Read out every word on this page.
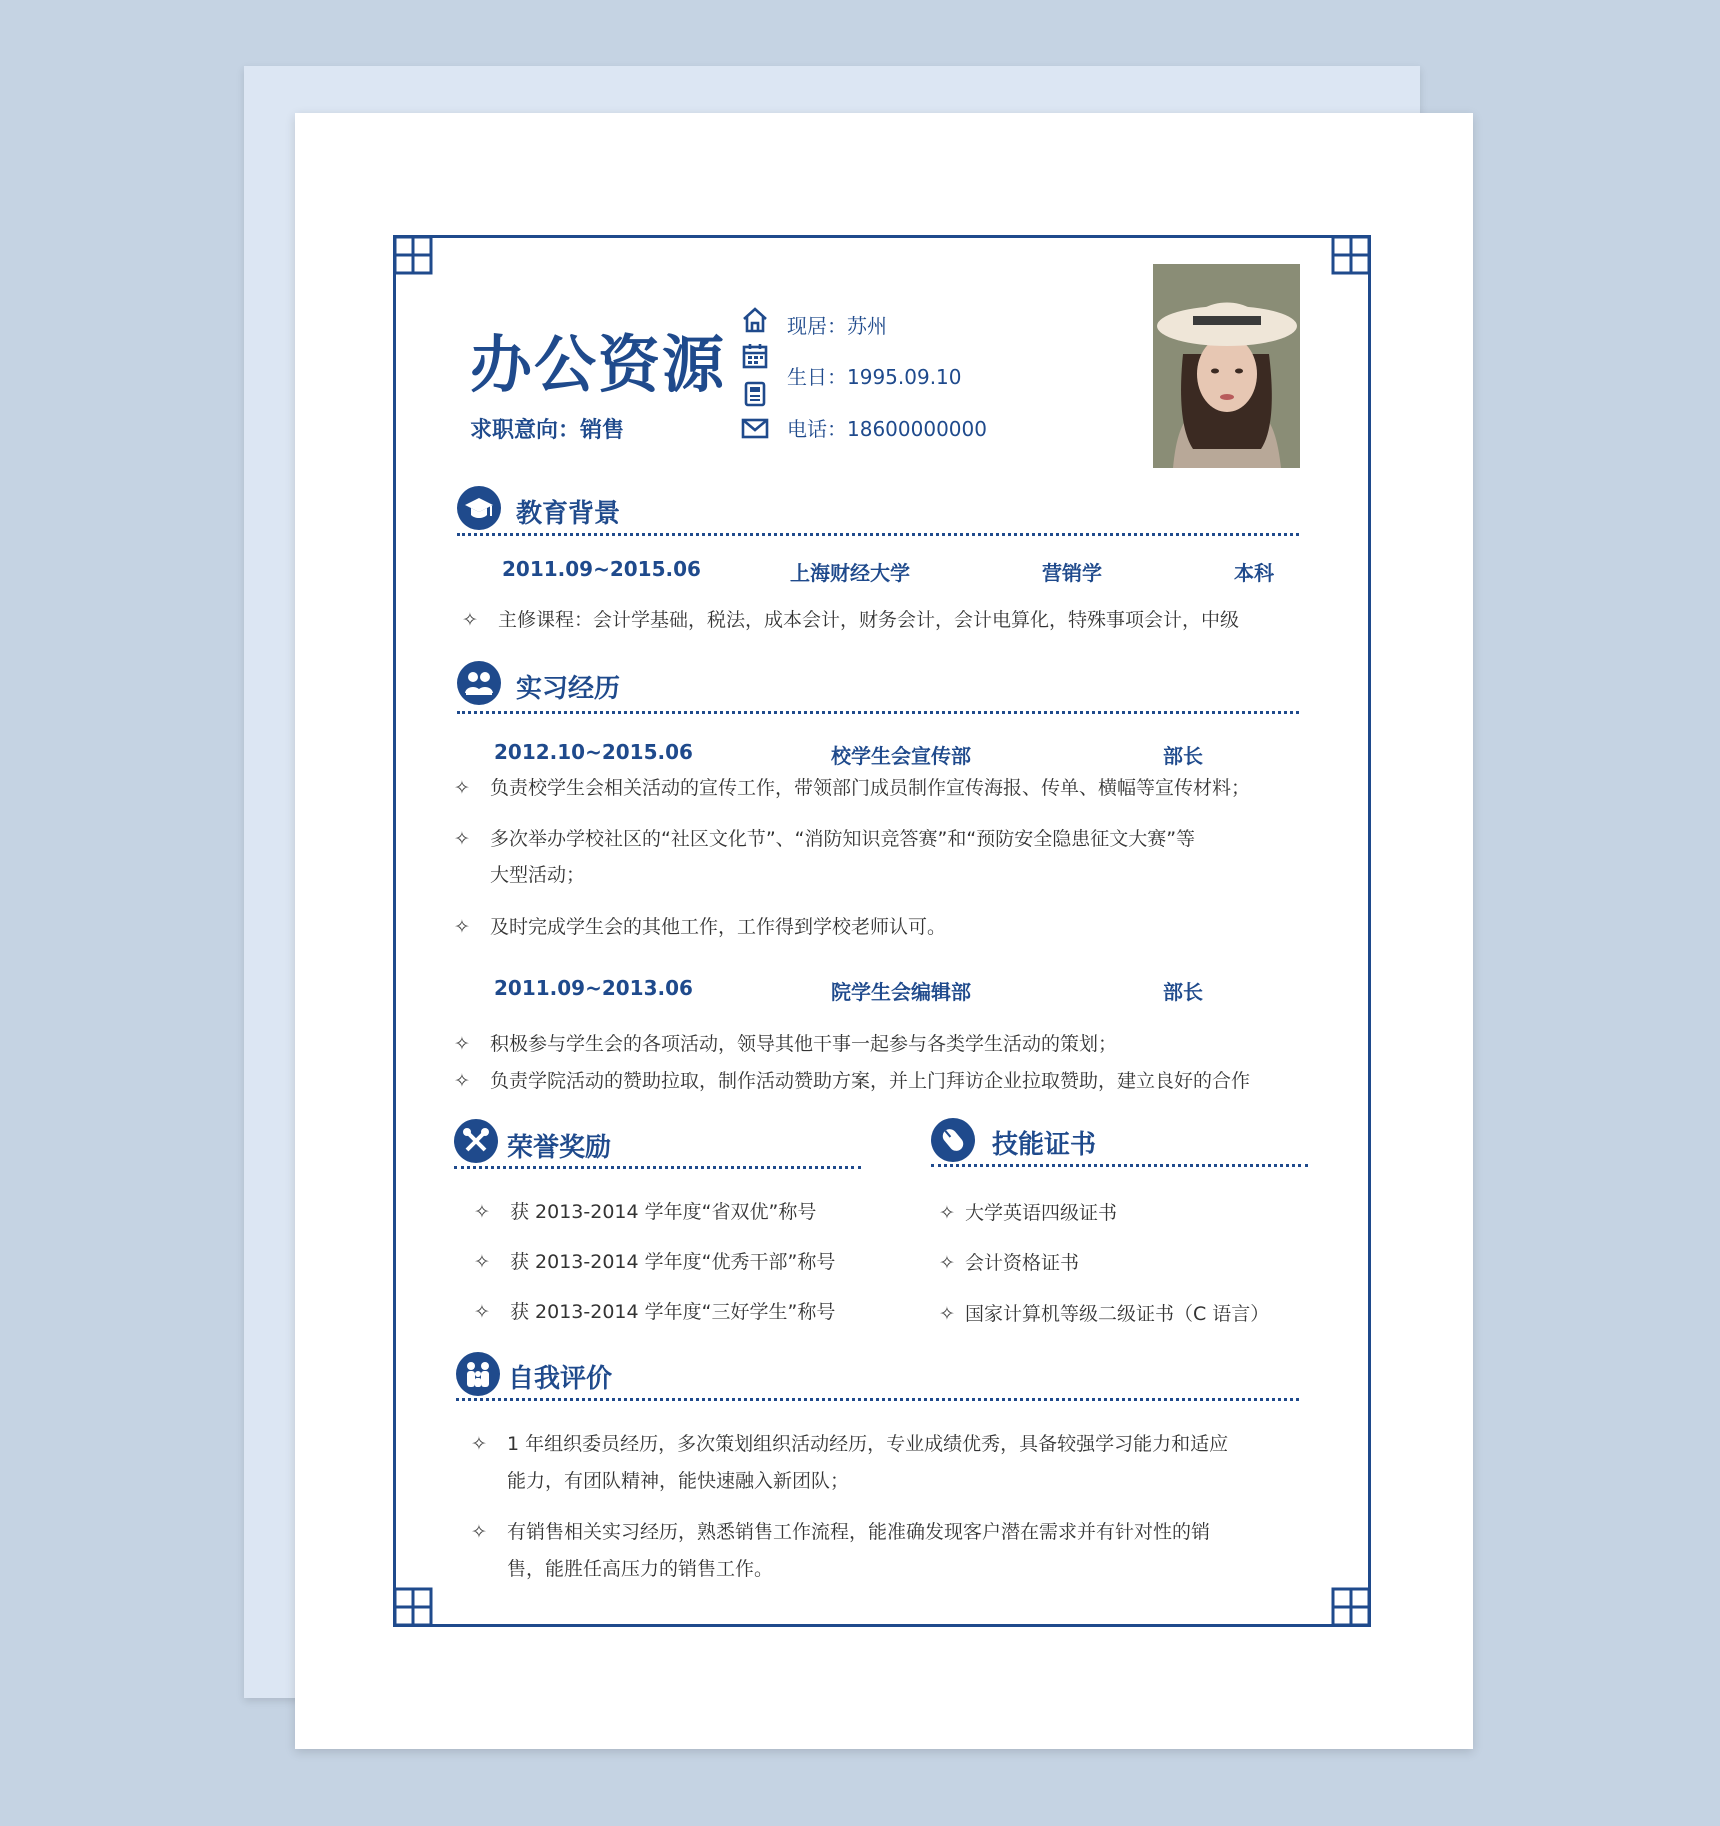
办公资源
求职意向：销售
现居：苏州
生日：1995.09.10
电话：18600000000
教育背景
2011.09~2015.06	上海财经大学	营销学	本科
✧ 主修课程：会计学基础，税法，成本会计，财务会计，会计电算化，特殊事项会计，中级
实习经历
2012.10~2015.06	校学生会宣传部	部长
✧ 负责校学生会相关活动的宣传工作，带领部门成员制作宣传海报、传单、横幅等宣传材料；
✧ 多次举办学校社区的“社区文化节”、“消防知识竞答赛”和“预防安全隐患征文大赛”等
大型活动；
✧ 及时完成学生会的其他工作，工作得到学校老师认可。
2011.09~2013.06	院学生会编辑部	部长
✧ 积极参与学生会的各项活动，领导其他干事一起参与各类学生活动的策划；
✧ 负责学院活动的赞助拉取，制作活动赞助方案，并上门拜访企业拉取赞助，建立良好的合作
荣誉奖励
✧ 获 2013-2014 学年度“省双优”称号
✧ 获 2013-2014 学年度“优秀干部”称号
✧ 获 2013-2014 学年度“三好学生”称号
技能证书
✧ 大学英语四级证书
✧ 会计资格证书
✧ 国家计算机等级二级证书（C 语言）
自我评价
✧ 1 年组织委员经历，多次策划组织活动经历，专业成绩优秀，具备较强学习能力和适应
能力，有团队精神，能快速融入新团队；
✧ 有销售相关实习经历，熟悉销售工作流程，能准确发现客户潜在需求并有针对性的销
售，能胜任高压力的销售工作。
